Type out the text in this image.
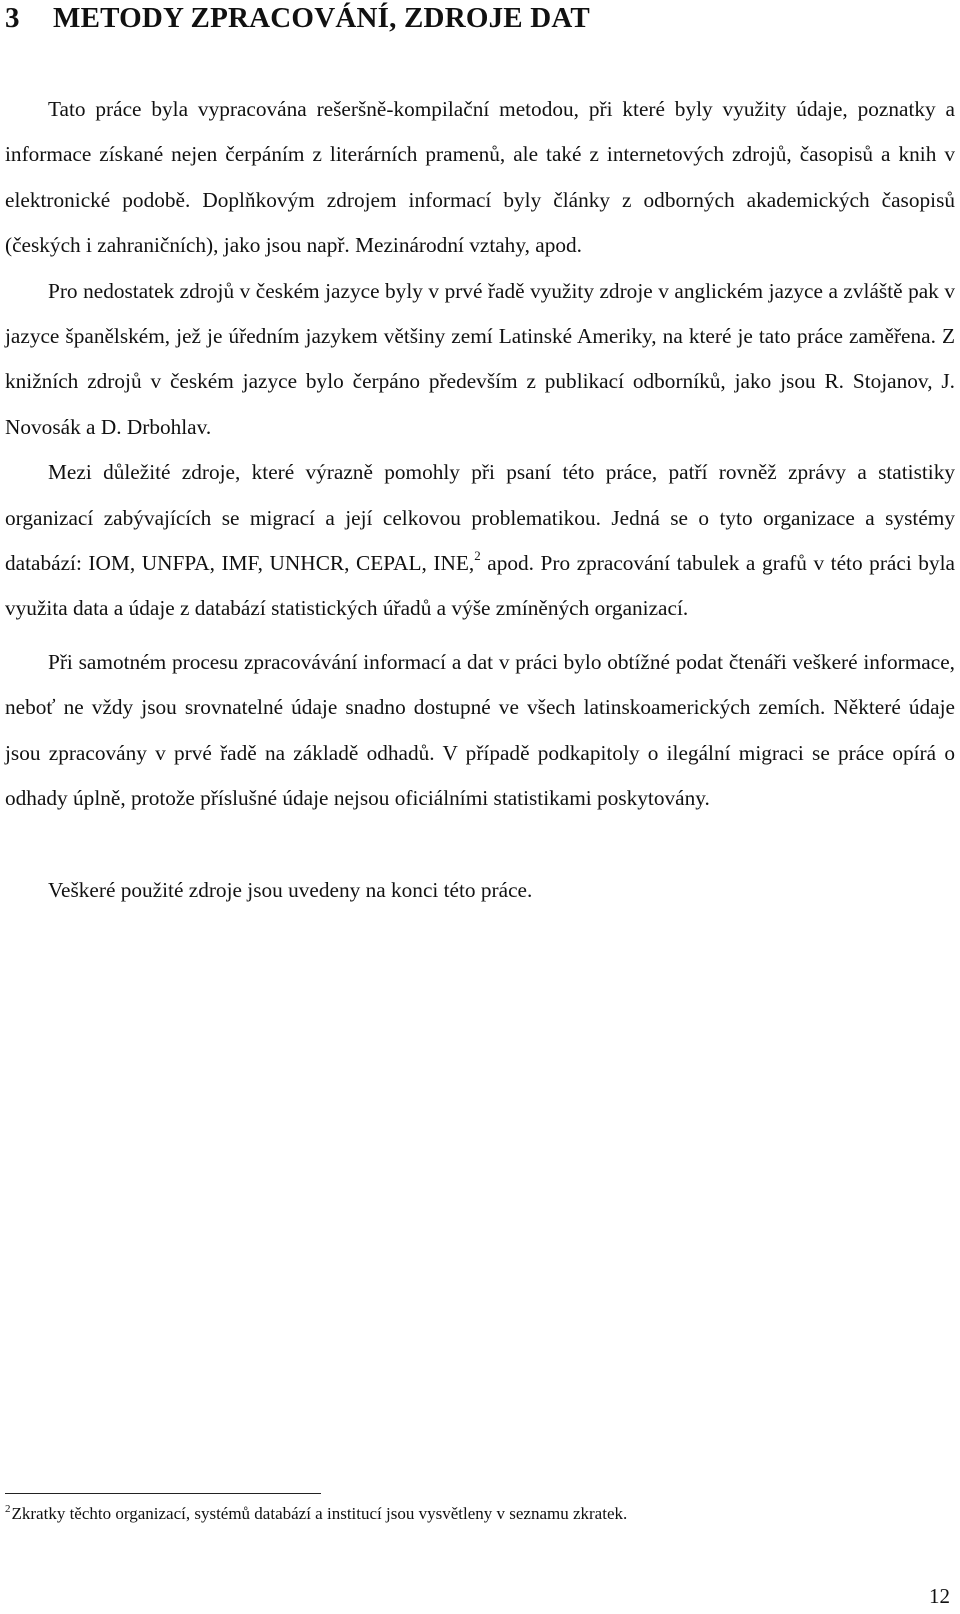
3 METODY ZPRACOVÁNÍ, ZDROJE DAT

Tato práce byla vypracována rešeršně-kompilační metodou, při které byly využity údaje, poznatky a informace získané nejen čerpáním z literárních pramenů, ale také z internetových zdrojů, časopisů a knih v elektronické podobě. Doplňkovým zdrojem informací byly články z odborných akademických časopisů (českých i zahraničních), jako jsou např. Mezinárodní vztahy, apod.

Pro nedostatek zdrojů v českém jazyce byly v prvé řadě využity zdroje v anglickém jazyce a zvláště pak v jazyce španělském, jež je úředním jazykem většiny zemí Latinské Ameriky, na které je tato práce zaměřena. Z knižních zdrojů v českém jazyce bylo čerpáno především z publikací odborníků, jako jsou R. Stojanov, J. Novosák a D. Drbohlav.

Mezi důležité zdroje, které výrazně pomohly při psaní této práce, patří rovněž zprávy a statistiky organizací zabývajících se migrací a její celkovou problematikou. Jedná se o tyto organizace a systémy databází: IOM, UNFPA, IMF, UNHCR, CEPAL, INE,$^2$ apod. Pro zpracování tabulek a grafů v této práci byla využita data a údaje z databází statistických úřadů a výše zmíněných organizací.

Při samotném procesu zpracovávání informací a dat v práci bylo obtížné podat čtenáři veškeré informace, neboť ne vždy jsou srovnatelné údaje snadno dostupné ve všech latinskoamerických zemích. Některé údaje jsou zpracovány v prvé řadě na základě odhadů. V případě podkapitoly o ilegální migraci se práce opírá o odhady úplně, protože příslušné údaje nejsou oficiálními statistikami poskytovány.

Veškeré použité zdroje jsou uvedeny na konci této práce.

$^2$Zkratky těchto organizací, systémů databází a institucí jsou vysvětleny v seznamu zkratek.

12
